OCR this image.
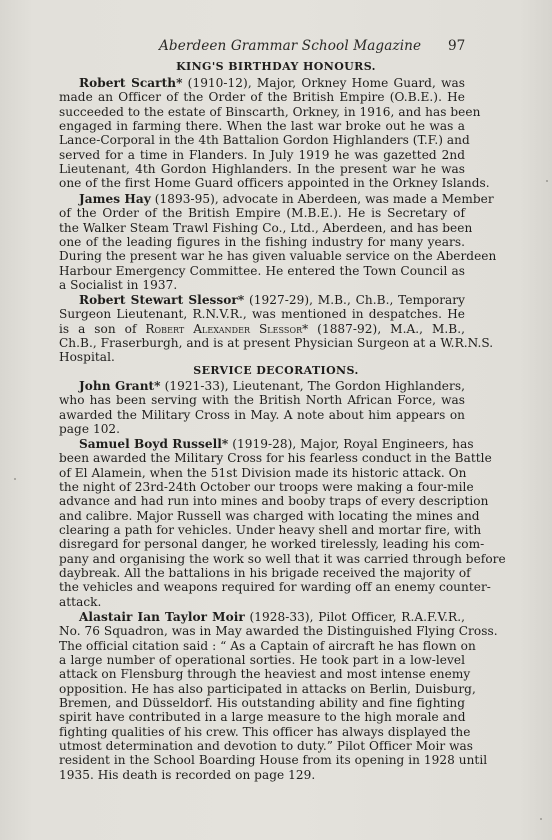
Aberdeen Grammar School Magazine 97
KING'S BIRTHDAY HONOURS.
Robert Scarth* (1910-12), Major, Orkney Home Guard, was
made an Officer of the Order of the British Empire (O.B.E.). He
succeeded to the estate of Binscarth, Orkney, in 1916, and has been
engaged in farming there. When the last war broke out he was a
Lance-Corporal in the 4th Battalion Gordon Highlanders (T.F.) and
served for a time in Flanders. In July 1919 he was gazetted 2nd
Lieutenant, 4th Gordon Highlanders. In the present war he was
one of the first Home Guard officers appointed in the Orkney Islands.
James Hay (1893-95), advocate in Aberdeen, was made a Member
of the Order of the British Empire (M.B.E.). He is Secretary of
the Walker Steam Trawl Fishing Co., Ltd., Aberdeen, and has been
one of the leading figures in the fishing industry for many years.
During the present war he has given valuable service on the Aberdeen
Harbour Emergency Committee. He entered the Town Council as
a Socialist in 1937.
Robert Stewart Slessor* (1927-29), M.B., Ch.B., Temporary
Surgeon Lieutenant, R.N.V.R., was mentioned in despatches. He
is a son of Robert Alexander Slessor* (1887-92), M.A., M.B.,
Ch.B., Fraserburgh, and is at present Physician Surgeon at a W.R.N.S.
Hospital.
SERVICE DECORATIONS.
John Grant* (1921-33), Lieutenant, The Gordon Highlanders,
who has been serving with the British North African Force, was
awarded the Military Cross in May. A note about him appears on
page 102.
Samuel Boyd Russell* (1919-28), Major, Royal Engineers, has
been awarded the Military Cross for his fearless conduct in the Battle
of El Alamein, when the 51st Division made its historic attack. On
the night of 23rd-24th October our troops were making a four-mile
advance and had run into mines and booby traps of every description
and calibre. Major Russell was charged with locating the mines and
clearing a path for vehicles. Under heavy shell and mortar fire, with
disregard for personal danger, he worked tirelessly, leading his com-
pany and organising the work so well that it was carried through before
daybreak. All the battalions in his brigade received the majority of
the vehicles and weapons required for warding off an enemy counter-
attack.
Alastair Ian Taylor Moir (1928-33), Pilot Officer, R.A.F.V.R.,
No. 76 Squadron, was in May awarded the Distinguished Flying Cross.
The official citation said : “ As a Captain of aircraft he has flown on
a large number of operational sorties. He took part in a low-level
attack on Flensburg through the heaviest and most intense enemy
opposition. He has also participated in attacks on Berlin, Duisburg,
Bremen, and Düsseldorf. His outstanding ability and fine fighting
spirit have contributed in a large measure to the high morale and
fighting qualities of his crew. This officer has always displayed the
utmost determination and devotion to duty.” Pilot Officer Moir was
resident in the School Boarding House from its opening in 1928 until
1935. His death is recorded on page 129.
